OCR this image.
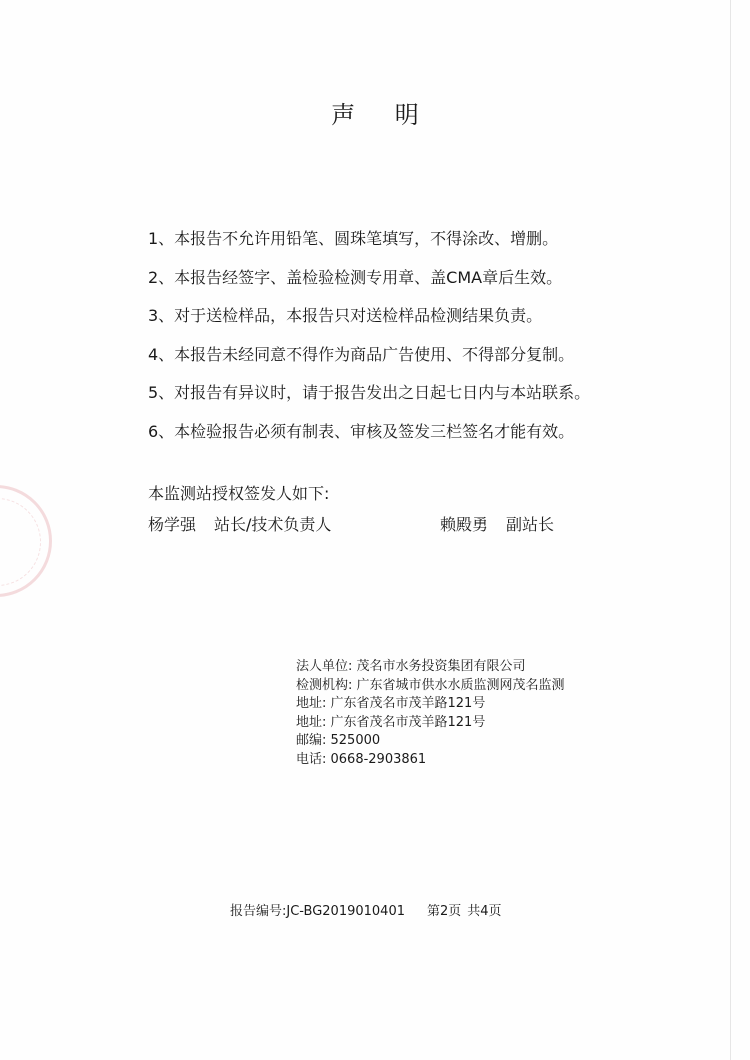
声 明
1、本报告不允许用铅笔、圆珠笔填写，不得涂改、增删。
2、本报告经签字、盖检验检测专用章、盖CMA章后生效。
3、对于送检样品，本报告只对送检样品检测结果负责。
4、本报告未经同意不得作为商品广告使用、不得部分复制。
5、对报告有异议时，请于报告发出之日起七日内与本站联系。
6、本检验报告必须有制表、审核及签发三栏签名才能有效。
本监测站授权签发人如下:
杨学强 站长/技术负责人	赖殿勇 副站长
法人单位: 茂名市水务投资集团有限公司
检测机构: 广东省城市供水水质监测网茂名监测
地址: 广东省茂名市茂羊路121号
地址: 广东省茂名市茂羊路121号
邮编: 525000
电话: 0668-2903861
报告编号:JC-BG2019010401 第2页 共4页
